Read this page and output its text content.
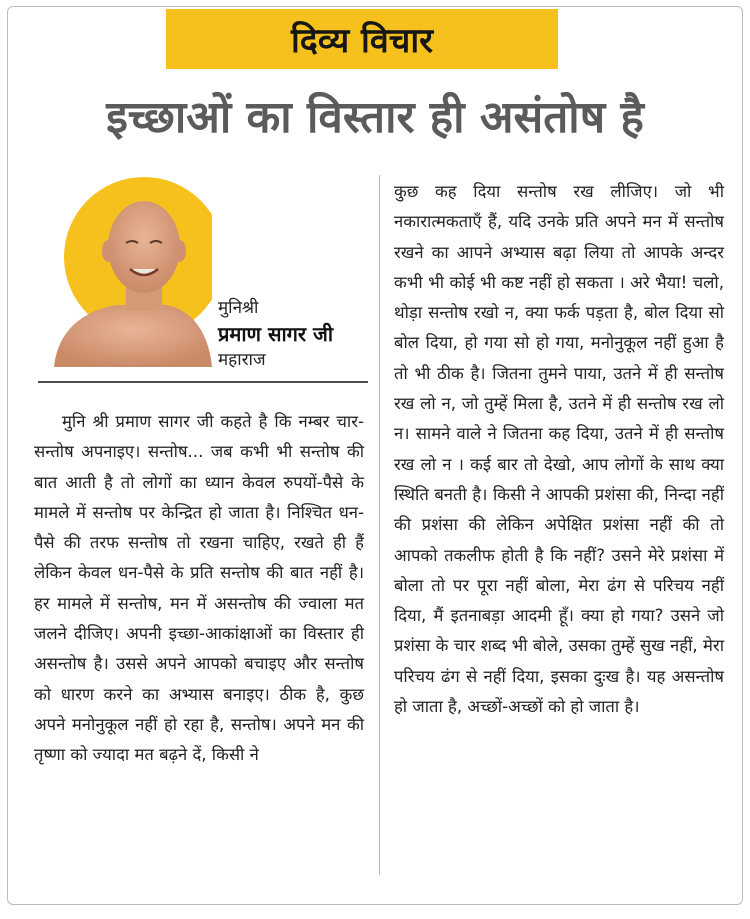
दिव्य विचार
इच्छाओं का विस्तार ही असंतोष है
मुनिश्री
प्रमाण सागर जी
महाराज
मुनि श्री प्रमाण सागर जी कहते है कि नम्बर चार- सन्तोष अपनाइए। सन्तोष... जब कभी भी सन्तोष की बात आती है तो लोगों का ध्यान केवल रुपयों-पैसे के मामले में सन्तोष पर केन्द्रित हो जाता है। निश्चित धन-पैसे की तरफ सन्तोष तो रखना चाहिए, रखते ही हैं लेकिन केवल धन-पैसे के प्रति सन्तोष की बात नहीं है। हर मामले में सन्तोष, मन में असन्तोष की ज्वाला मत जलने दीजिए। अपनी इच्छा-आकांक्षाओं का विस्तार ही असन्तोष है। उससे अपने आपको बचाइए और सन्तोष को धारण करने का अभ्यास बनाइए। ठीक है, कुछ अपने मनोनुकूल नहीं हो रहा है, सन्तोष। अपने मन की तृष्णा को ज्यादा मत बढ़ने दें, किसी ने
कुछ कह दिया सन्तोष रख लीजिए। जो भी नकारात्मकताएँ हैं, यदि उनके प्रति अपने मन में सन्तोष रखने का आपने अभ्यास बढ़ा लिया तो आपके अन्दर कभी भी कोई भी कष्ट नहीं हो सकता । अरे भैया! चलो, थोड़ा सन्तोष रखो न, क्या फर्क पड़ता है, बोल दिया सो बोल दिया, हो गया सो हो गया, मनोनुकूल नहीं हुआ है तो भी ठीक है। जितना तुमने पाया, उतने में ही सन्तोष रख लो न, जो तुम्हें मिला है, उतने में ही सन्तोष रख लो न। सामने वाले ने जितना कह दिया, उतने में ही सन्तोष रख लो न । कई बार तो देखो, आप लोगों के साथ क्या स्थिति बनती है। किसी ने आपकी प्रशंसा की, निन्दा नहीं की प्रशंसा की लेकिन अपेक्षित प्रशंसा नहीं की तो आपको तकलीफ होती है कि नहीं? उसने मेरे प्रशंसा में बोला तो पर पूरा नहीं बोला, मेरा ढंग से परिचय नहीं दिया, मैं इतनाबड़ा आदमी हूँ। क्या हो गया? उसने जो प्रशंसा के चार शब्द भी बोले, उसका तुम्हें सुख नहीं, मेरा परिचय ढंग से नहीं दिया, इसका दुःख है। यह असन्तोष हो जाता है, अच्छों-अच्छों को हो जाता है।
